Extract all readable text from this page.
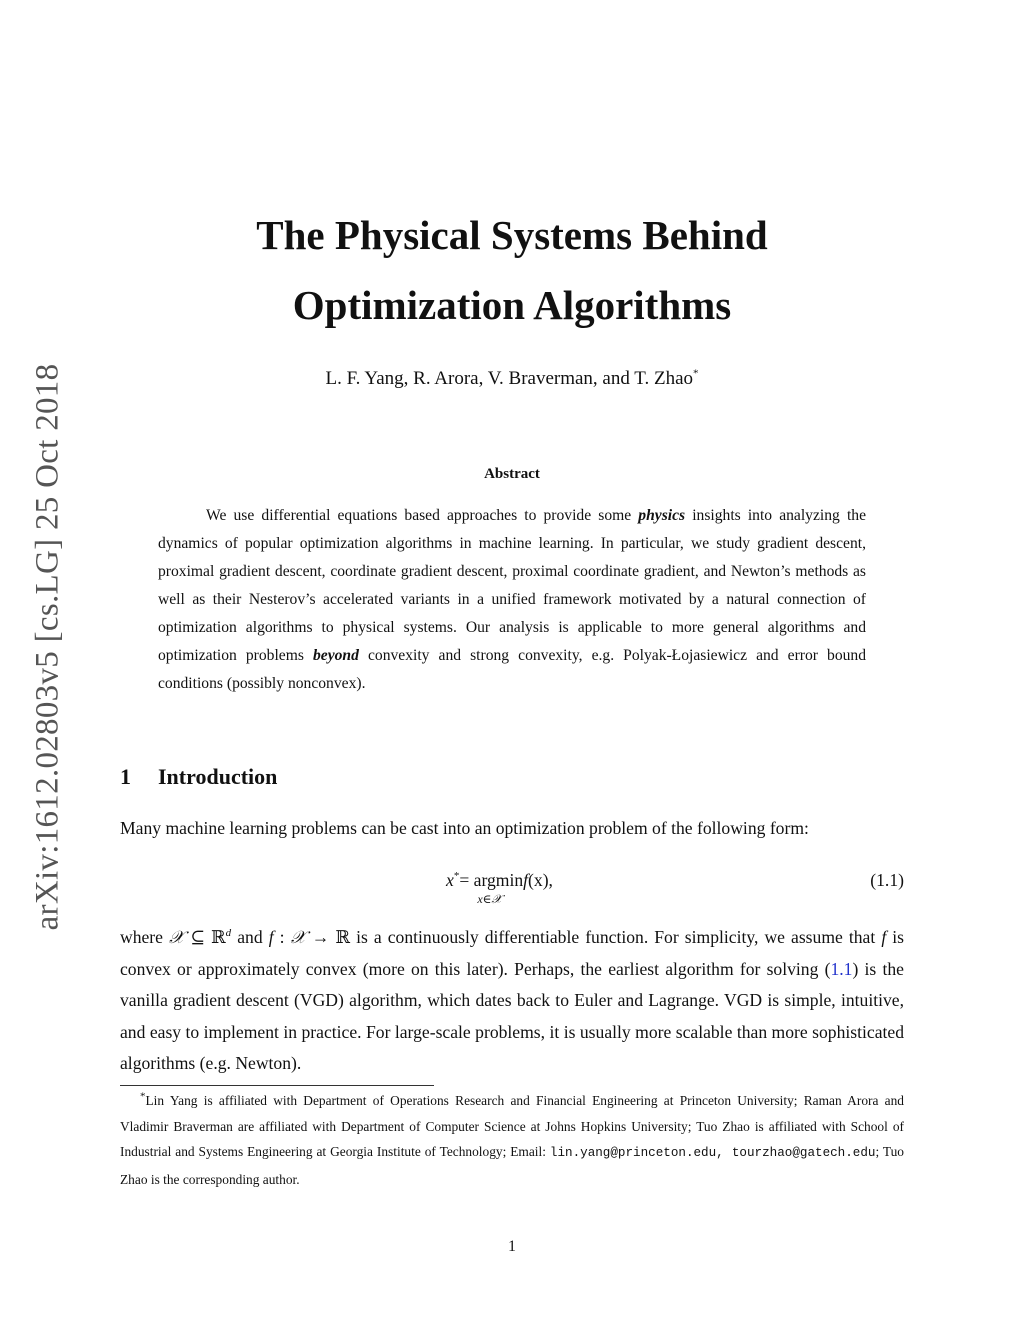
arXiv:1612.02803v5 [cs.LG] 25 Oct 2018
The Physical Systems Behind
Optimization Algorithms
L. F. Yang, R. Arora, V. Braverman, and T. Zhao*
Abstract
We use differential equations based approaches to provide some physics insights into analyzing the dynamics of popular optimization algorithms in machine learning. In particular, we study gradient descent, proximal gradient descent, coordinate gradient descent, proximal coordinate gradient, and Newton’s methods as well as their Nesterov’s accelerated variants in a unified framework motivated by a natural connection of optimization algorithms to physical systems. Our analysis is applicable to more general algorithms and optimization problems beyond convexity and strong convexity, e.g. Polyak-Łojasiewicz and error bound conditions (possibly nonconvex).
1 Introduction
Many machine learning problems can be cast into an optimization problem of the following form:
x*= argmin
x∈𝒳
f(x),	(1.1)
where 𝒳 ⊆ ℝ$^d$ and f : 𝒳 → ℝ is a continuously differentiable function. For simplicity, we assume that f is convex or approximately convex (more on this later). Perhaps, the earliest algorithm for solving (1.1) is the vanilla gradient descent (VGD) algorithm, which dates back to Euler and Lagrange. VGD is simple, intuitive, and easy to implement in practice. For large-scale problems, it is usually more scalable than more sophisticated algorithms (e.g. Newton).
*Lin Yang is affiliated with Department of Operations Research and Financial Engineering at Princeton University; Raman Arora and Vladimir Braverman are affiliated with Department of Computer Science at Johns Hopkins University; Tuo Zhao is affiliated with School of Industrial and Systems Engineering at Georgia Institute of Technology; Email: lin.yang@princeton.edu, tourzhao@gatech.edu; Tuo Zhao is the corresponding author.
1
